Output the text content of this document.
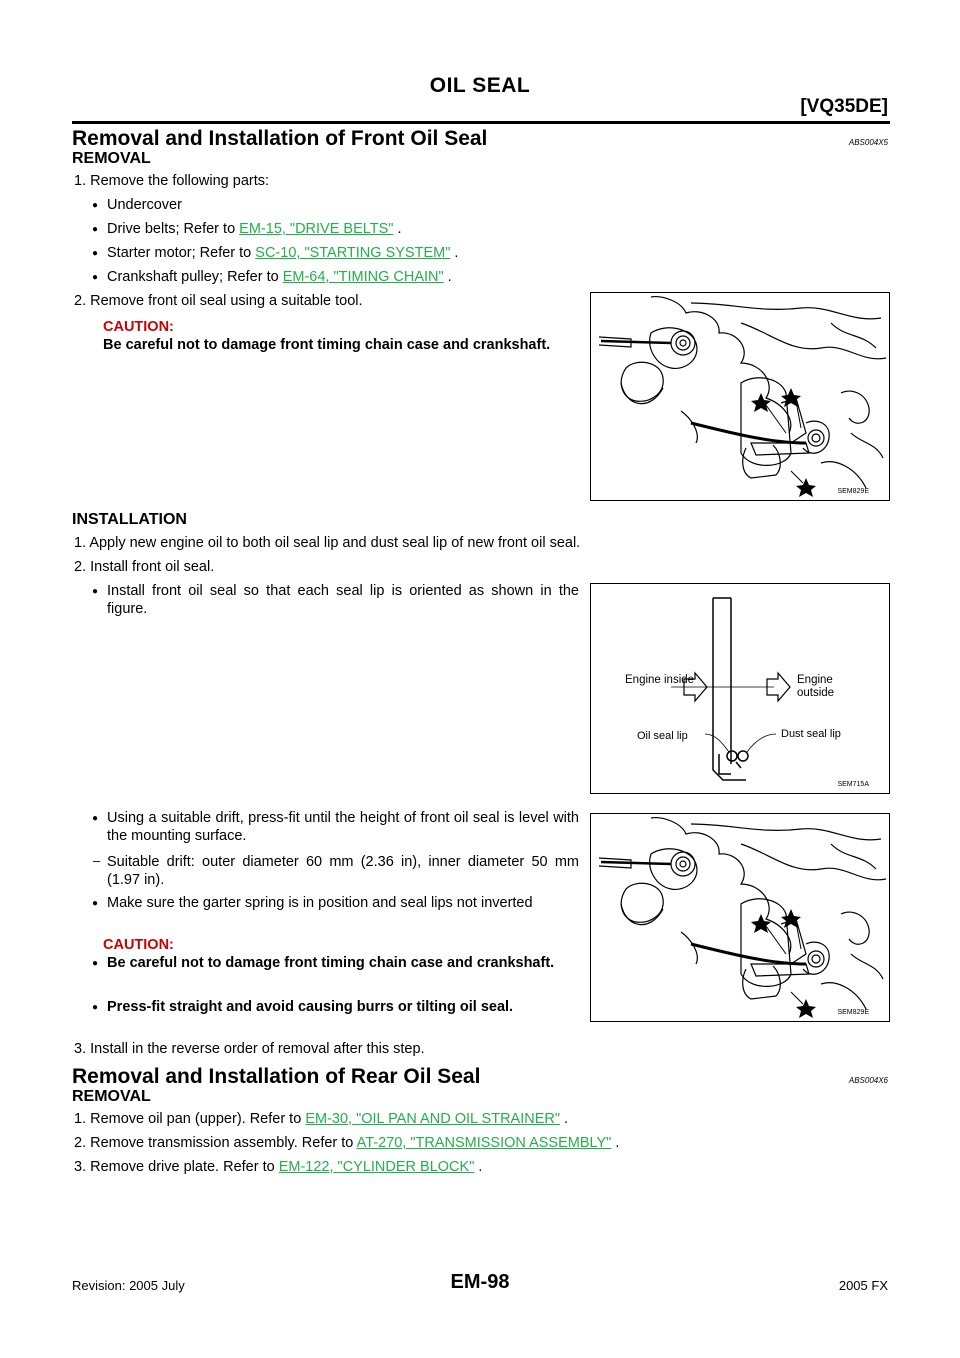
OIL SEAL
[VQ35DE]
Removal and Installation of Front Oil Seal	ABS004X5
REMOVAL
1. Remove the following parts:
● Undercover
● Drive belts; Refer to EM-15, "DRIVE BELTS" .
● Starter motor; Refer to SC-10, "STARTING SYSTEM" .
● Crankshaft pulley; Refer to EM-64, "TIMING CHAIN" .
2. Remove front oil seal using a suitable tool.
CAUTION:
Be careful not to damage front timing chain case and crankshaft.
SEM829E
INSTALLATION
1. Apply new engine oil to both oil seal lip and dust seal lip of new front oil seal.
2. Install front oil seal.
● Install front oil seal so that each seal lip is oriented as shown in the figure.
Engine inside	Engine outside
Oil seal lip	Dust seal lip
SEM715A
● Using a suitable drift, press-fit until the height of front oil seal is level with the mounting surface.
– Suitable drift: outer diameter 60 mm (2.36 in), inner diameter 50 mm (1.97 in).
● Make sure the garter spring is in position and seal lips not inverted
CAUTION:
● Be careful not to damage front timing chain case and crankshaft.
● Press-fit straight and avoid causing burrs or tilting oil seal.
3. Install in the reverse order of removal after this step.
SEM829E
Removal and Installation of Rear Oil Seal	ABS004X6
REMOVAL
1. Remove oil pan (upper). Refer to EM-30, "OIL PAN AND OIL STRAINER" .
2. Remove transmission assembly. Refer to AT-270, "TRANSMISSION ASSEMBLY" .
3. Remove drive plate. Refer to EM-122, "CYLINDER BLOCK" .
Revision: 2005 July	EM-98	2005 FX
